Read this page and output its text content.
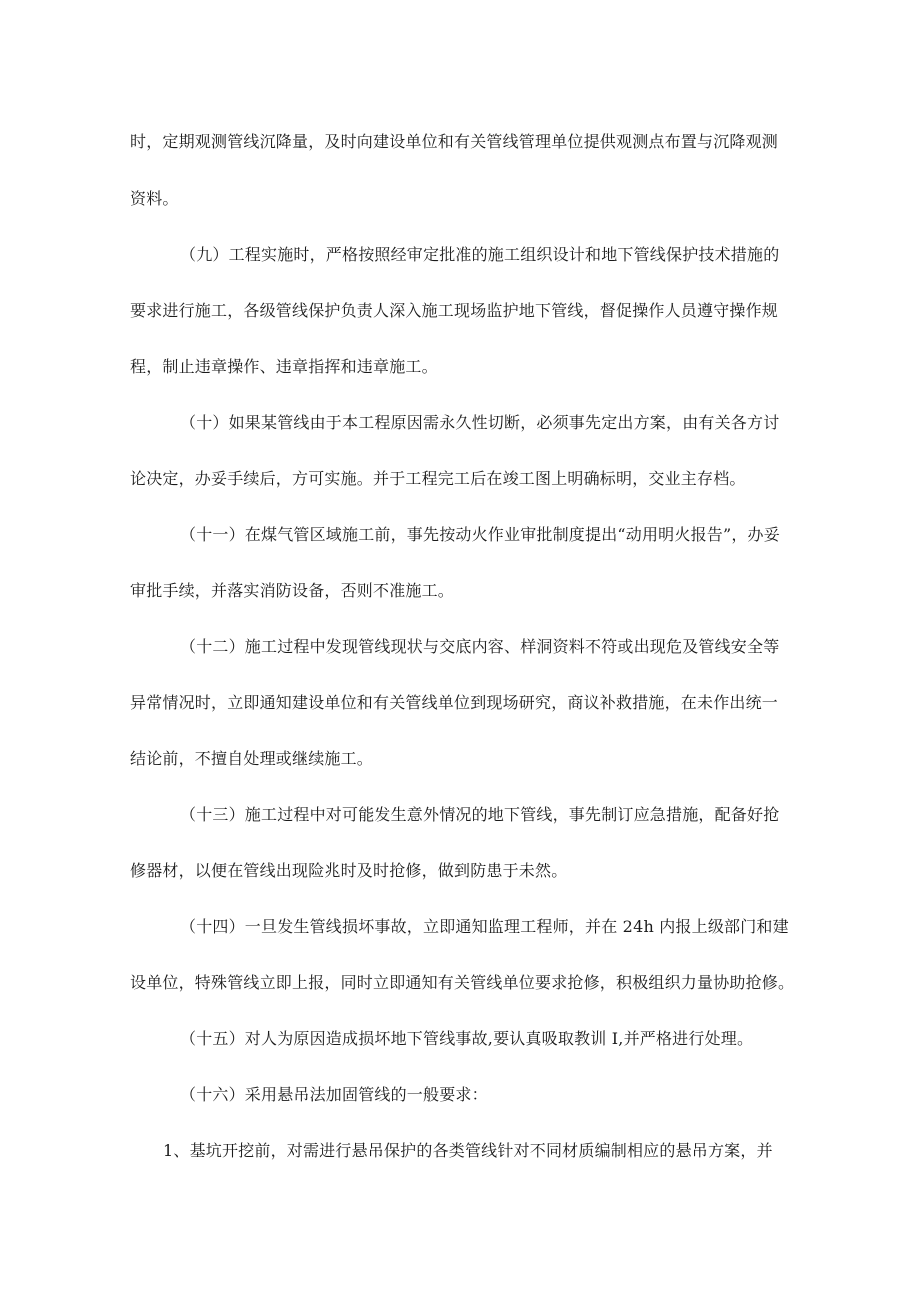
时，定期观测管线沉降量，及时向建设单位和有关管线管理单位提供观测点布置与沉降观测
资料。
（九）工程实施时，严格按照经审定批准的施工组织设计和地下管线保护技术措施的
要求进行施工，各级管线保护负责人深入施工现场监护地下管线，督促操作人员遵守操作规
程，制止违章操作、违章指挥和违章施工。
（十）如果某管线由于本工程原因需永久性切断，必须事先定出方案，由有关各方讨
论决定，办妥手续后，方可实施。并于工程完工后在竣工图上明确标明，交业主存档。
（十一）在煤气管区域施工前，事先按动火作业审批制度提出“动用明火报告”，办妥
审批手续，并落实消防设备，否则不准施工。
（十二）施工过程中发现管线现状与交底内容、样洞资料不符或出现危及管线安全等
异常情况时，立即通知建设单位和有关管线单位到现场研究，商议补救措施，在未作出统一
结论前，不擅自处理或继续施工。
（十三）施工过程中对可能发生意外情况的地下管线，事先制订应急措施，配备好抢
修器材，以便在管线出现险兆时及时抢修，做到防患于未然。
（十四）一旦发生管线损坏事故，立即通知监理工程师，并在 24h 内报上级部门和建
设单位，特殊管线立即上报，同时立即通知有关管线单位要求抢修，积极组织力量协助抢修。
（十五）对人为原因造成损坏地下管线事故,要认真吸取教训 I,并严格进行处理。
（十六）采用悬吊法加固管线的一般要求：
1、基坑开挖前，对需进行悬吊保护的各类管线针对不同材质编制相应的悬吊方案，并
